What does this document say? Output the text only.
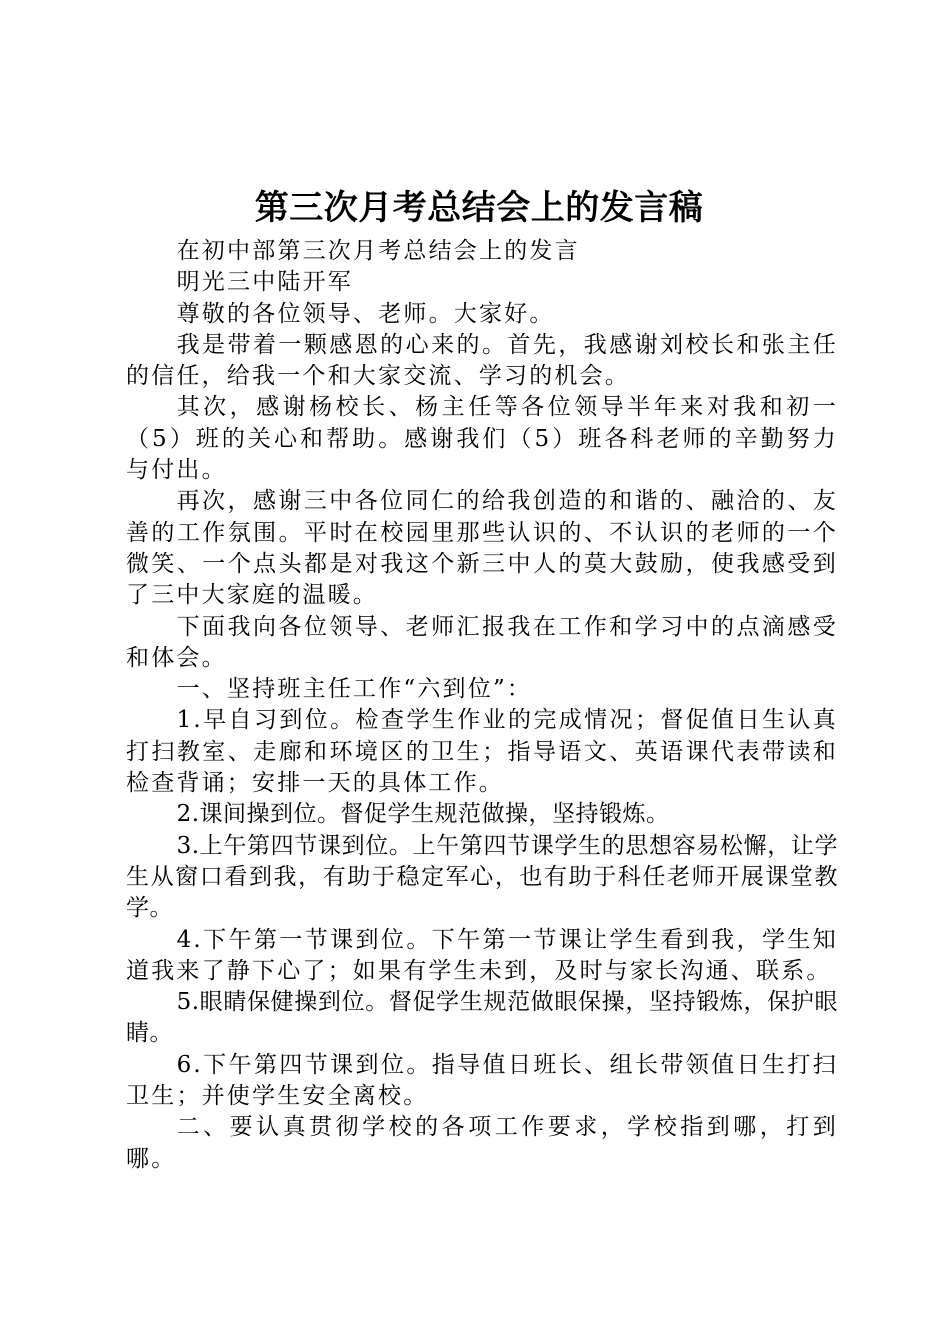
第三次月考总结会上的发言稿

在初中部第三次月考总结会上的发言

明光三中陆开军

尊敬的各位领导、老师。大家好。

我是带着一颗感恩的心来的。首先，我感谢刘校长和张主任的信任，给我一个和大家交流、学习的机会。

其次，感谢杨校长、杨主任等各位领导半年来对我和初一（5）班的关心和帮助。感谢我们（5）班各科老师的辛勤努力与付出。

再次，感谢三中各位同仁的给我创造的和谐的、融洽的、友善的工作氛围。平时在校园里那些认识的、不认识的老师的一个微笑、一个点头都是对我这个新三中人的莫大鼓励，使我感受到了三中大家庭的温暖。

下面我向各位领导、老师汇报我在工作和学习中的点滴感受和体会。

一、坚持班主任工作“六到位”：

1.早自习到位。检查学生作业的完成情况；督促值日生认真打扫教室、走廊和环境区的卫生；指导语文、英语课代表带读和检查背诵；安排一天的具体工作。

2.课间操到位。督促学生规范做操，坚持锻炼。

3.上午第四节课到位。上午第四节课学生的思想容易松懈，让学生从窗口看到我，有助于稳定军心，也有助于科任老师开展课堂教学。

4.下午第一节课到位。下午第一节课让学生看到我，学生知道我来了静下心了；如果有学生未到，及时与家长沟通、联系。

5.眼睛保健操到位。督促学生规范做眼保操，坚持锻炼，保护眼睛。

6.下午第四节课到位。指导值日班长、组长带领值日生打扫卫生；并使学生安全离校。

二、要认真贯彻学校的各项工作要求，学校指到哪，打到哪。
